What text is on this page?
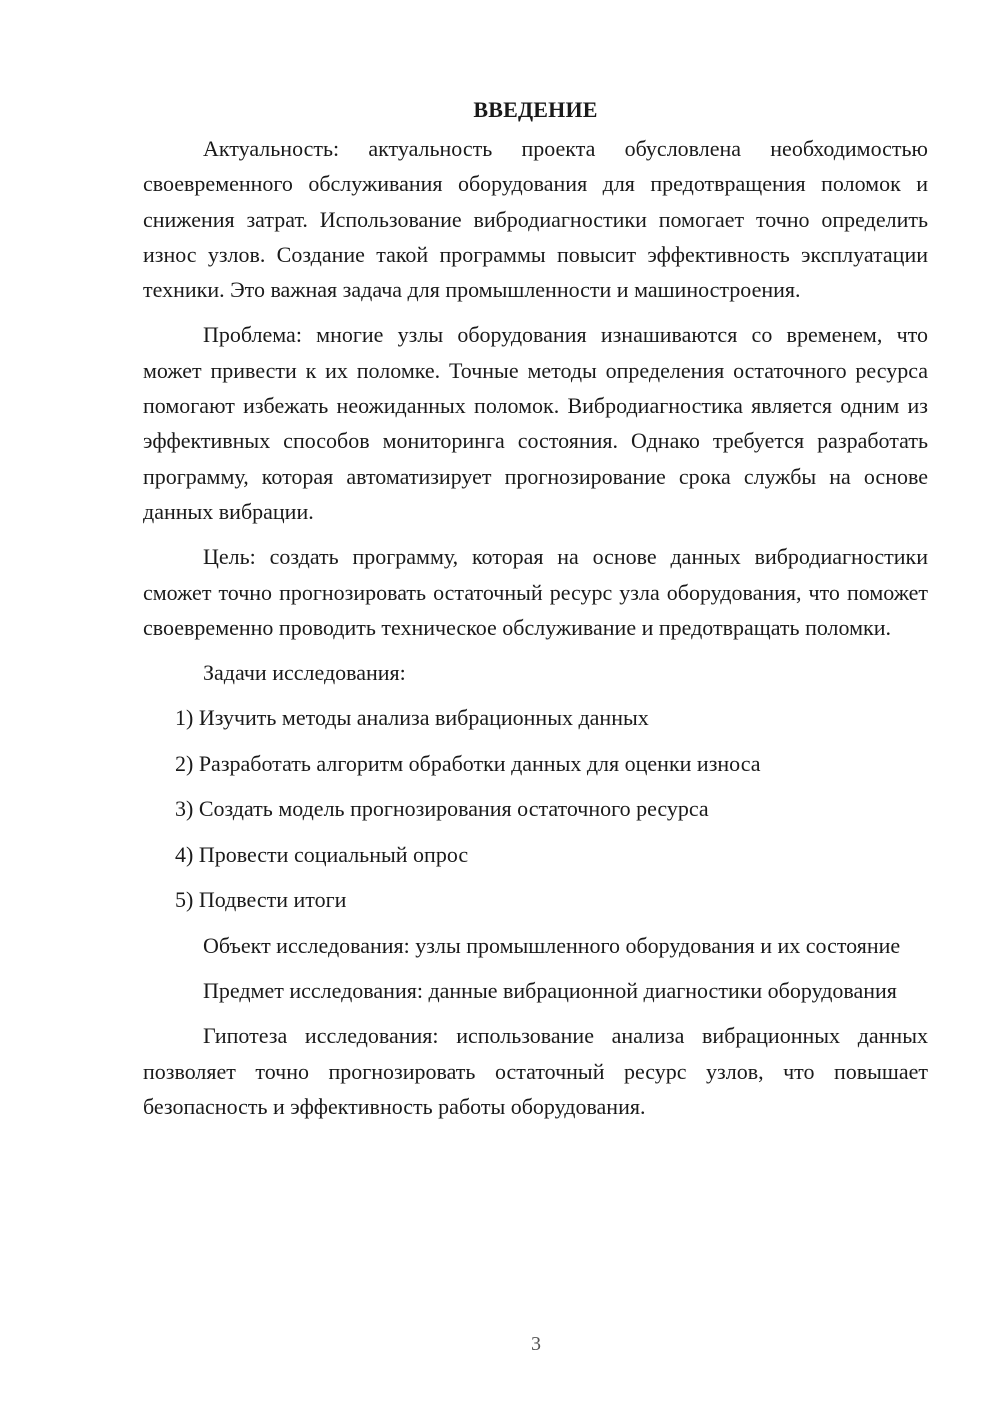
ВВЕДЕНИЕ

Актуальность: актуальность проекта обусловлена необходимостью своевременного обслуживания оборудования для предотвращения поломок и снижения затрат. Использование вибродиагностики помогает точно определить износ узлов. Создание такой программы повысит эффективность эксплуатации техники. Это важная задача для промышленности и машиностроения.

Проблема: многие узлы оборудования изнашиваются со временем, что может привести к их поломке. Точные методы определения остаточного ресурса помогают избежать неожиданных поломок. Вибродиагностика является одним из эффективных способов мониторинга состояния. Однако требуется разработать программу, которая автоматизирует прогнозирование срока службы на основе данных вибрации.

Цель: создать программу, которая на основе данных вибродиагностики сможет точно прогнозировать остаточный ресурс узла оборудования, что поможет своевременно проводить техническое обслуживание и предотвращать поломки.

Задачи исследования:

1) Изучить методы анализа вибрационных данных
2) Разработать алгоритм обработки данных для оценки износа
3) Создать модель прогнозирования остаточного ресурса
4) Провести социальный опрос
5) Подвести итоги

Объект исследования: узлы промышленного оборудования и их состояние

Предмет исследования: данные вибрационной диагностики оборудования

Гипотеза исследования: использование анализа вибрационных данных позволяет точно прогнозировать остаточный ресурс узлов, что повышает безопасность и эффективность работы оборудования.

3
